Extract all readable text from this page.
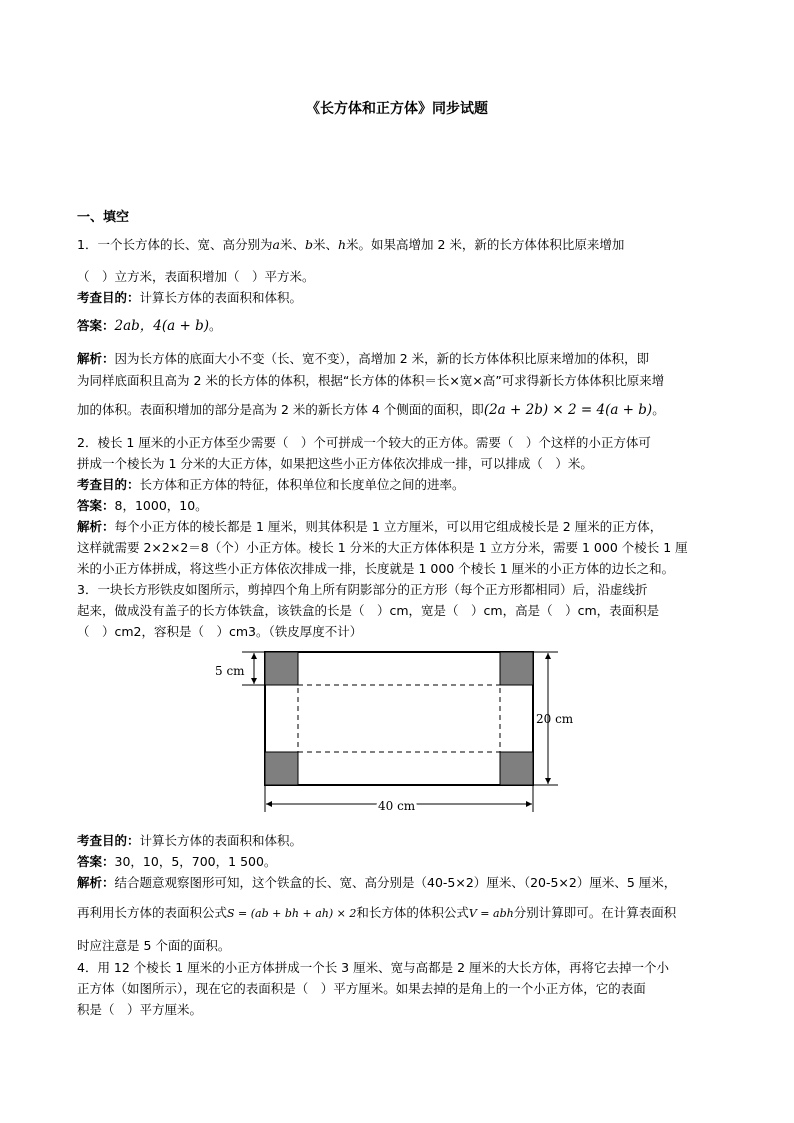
《长方体和正方体》同步试题
一、填空
1．一个长方体的长、宽、高分别为a米、b米、h米。如果高增加 2 米，新的长方体体积比原来增加
（　）立方米，表面积增加（　）平方米。
考查目的：计算长方体的表面积和体积。
答案：2ab，4(a + b)。
解析：因为长方体的底面大小不变（长、宽不变），高增加 2 米，新的长方体体积比原来增加的体积，即
为同样底面积且高为 2 米的长方体的体积，根据“长方体的体积＝长×宽×高”可求得新长方体体积比原来增
加的体积。表面积增加的部分是高为 2 米的新长方体 4 个侧面的面积，即(2a + 2b) × 2 = 4(a + b)。
2．棱长 1 厘米的小正方体至少需要（　）个可拼成一个较大的正方体。需要（　）个这样的小正方体可
拼成一个棱长为 1 分米的大正方体，如果把这些小正方体依次排成一排，可以排成（　）米。
考查目的：长方体和正方体的特征，体积单位和长度单位之间的进率。
答案：8，1000，10。
解析：每个小正方体的棱长都是 1 厘米，则其体积是 1 立方厘米，可以用它组成棱长是 2 厘米的正方体，
这样就需要 2×2×2＝8（个）小正方体。棱长 1 分米的大正方体体积是 1 立方分米，需要 1 000 个棱长 1 厘
米的小正方体拼成，将这些小正方体依次排成一排，长度就是 1 000 个棱长 1 厘米的小正方体的边长之和。
3．一块长方形铁皮如图所示，剪掉四个角上所有阴影部分的正方形（每个正方形都相同）后，沿虚线折
起来，做成没有盖子的长方体铁盒，该铁盒的长是（　）cm，宽是（　）cm，高是（　）cm，表面积是
（　）cm2，容积是（　）cm3。（铁皮厚度不计）
5 cm
20 cm
40 cm
考查目的：计算长方体的表面积和体积。
答案：30，10，5，700，1 500。
解析：结合题意观察图形可知，这个铁盒的长、宽、高分别是（40-5×2）厘米、（20-5×2）厘米、5 厘米，
再利用长方体的表面积公式S = (ab + bh + ah) × 2和长方体的体积公式V = abh分别计算即可。在计算表面积
时应注意是 5 个面的面积。
4．用 12 个棱长 1 厘米的小正方体拼成一个长 3 厘米、宽与高都是 2 厘米的大长方体，再将它去掉一个小
正方体（如图所示），现在它的表面积是（　）平方厘米。如果去掉的是角上的一个小正方体，它的表面
积是（　）平方厘米。
